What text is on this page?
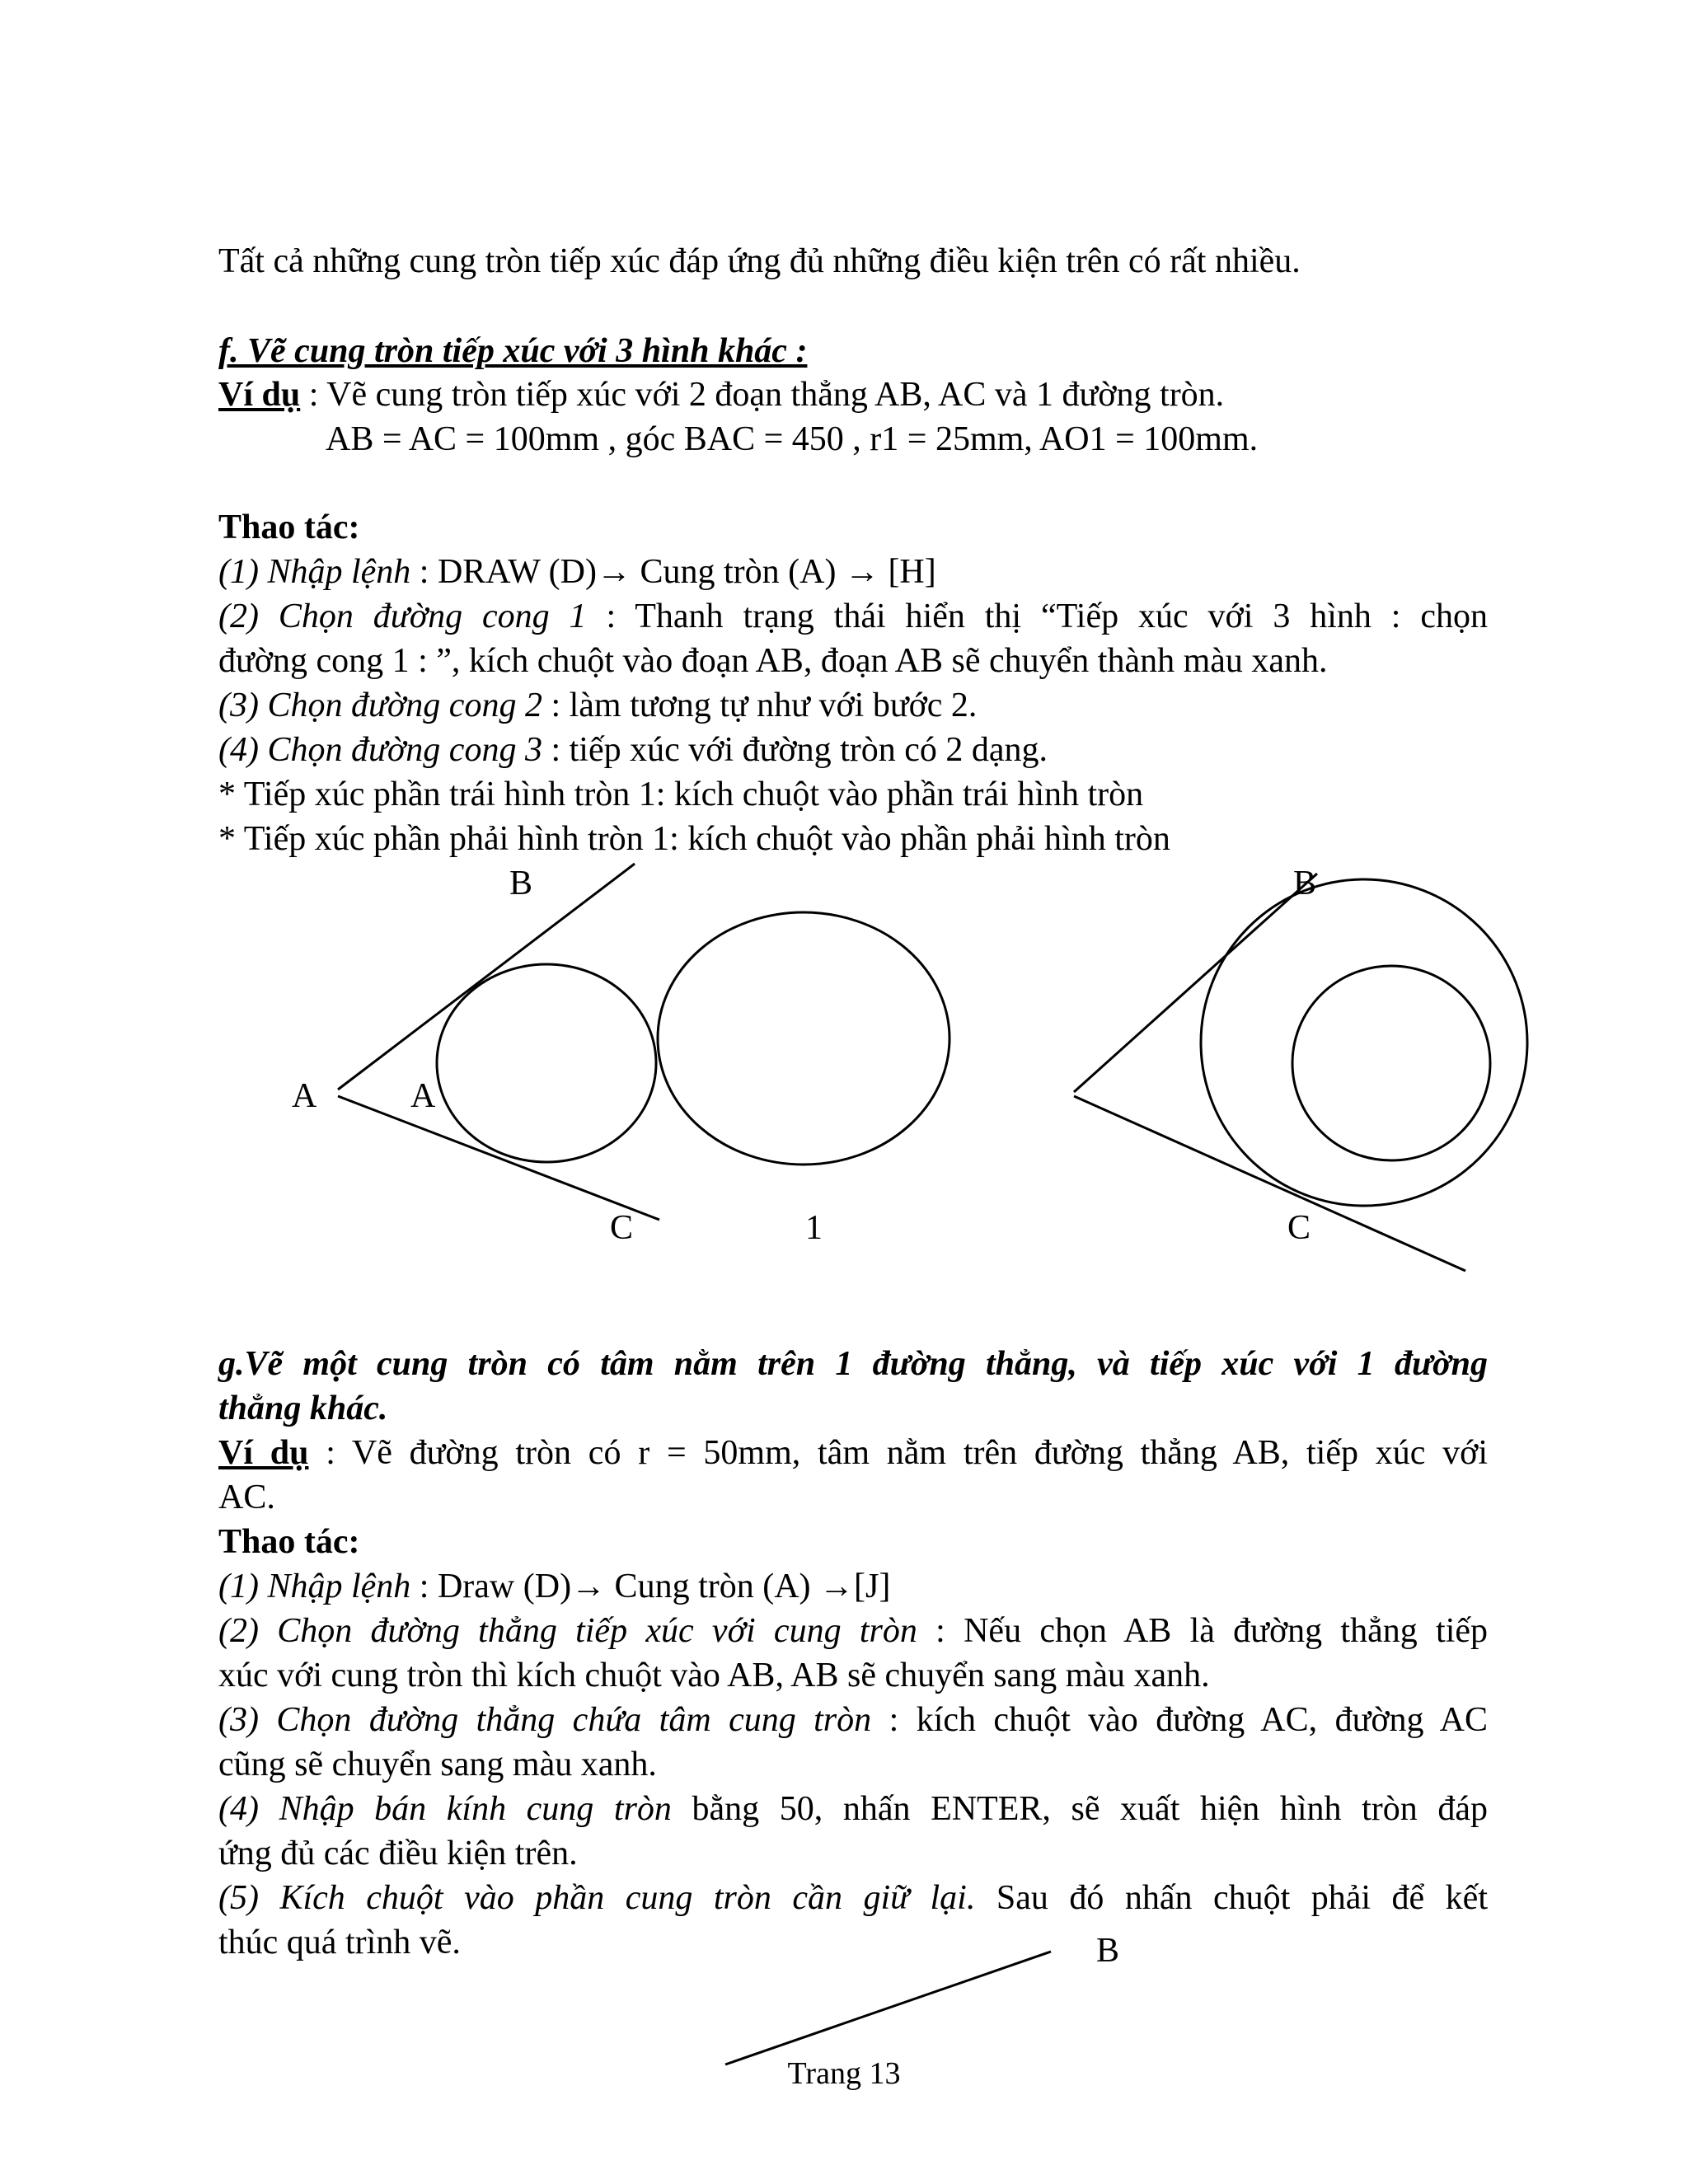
Tất cả những cung tròn tiếp xúc đáp ứng đủ những điều kiện trên có rất nhiều.
f. Vẽ cung tròn tiếp xúc với 3 hình khác :
Ví dụ : Vẽ cung tròn tiếp xúc với 2 đoạn thẳng AB, AC và 1 đường tròn.
AB = AC = 100mm , góc BAC = 450 , r1 = 25mm, AO1 = 100mm.
Thao tác:
(1) Nhập lệnh : DRAW (D)→ Cung tròn (A) → [H]
(2) Chọn đường cong 1 : Thanh trạng thái hiển thị “Tiếp xúc với 3 hình : chọn
đường cong 1 : ”, kích chuột vào đoạn AB, đoạn AB sẽ chuyển thành màu xanh.
(3) Chọn đường cong 2 : làm tương tự như với bước 2.
(4) Chọn đường cong 3 : tiếp xúc với đường tròn có 2 dạng.
* Tiếp xúc phần trái hình tròn 1: kích chuột vào phần trái hình tròn
* Tiếp xúc phần phải hình tròn 1: kích chuột vào phần phải hình tròn
B
A	A
C	1
B
C
g.Vẽ một cung tròn có tâm nằm trên 1 đường thẳng, và tiếp xúc với 1 đường
thẳng khác.
Ví dụ : Vẽ đường tròn có r = 50mm, tâm nằm trên đường thẳng AB, tiếp xúc với
AC.
Thao tác:
(1) Nhập lệnh : Draw (D)→ Cung tròn (A) →[J]
(2) Chọn đường thẳng tiếp xúc với cung tròn : Nếu chọn AB là đường thẳng tiếp
xúc với cung tròn thì kích chuột vào AB, AB sẽ chuyển sang màu xanh.
(3) Chọn đường thẳng chứa tâm cung tròn : kích chuột vào đường AC, đường AC
cũng sẽ chuyển sang màu xanh.
(4) Nhập bán kính cung tròn bằng 50, nhấn ENTER, sẽ xuất hiện hình tròn đáp
ứng đủ các điều kiện trên.
(5) Kích chuột vào phần cung tròn cần giữ lại. Sau đó nhấn chuột phải để kết
thúc quá trình vẽ.	B
Trang 13
